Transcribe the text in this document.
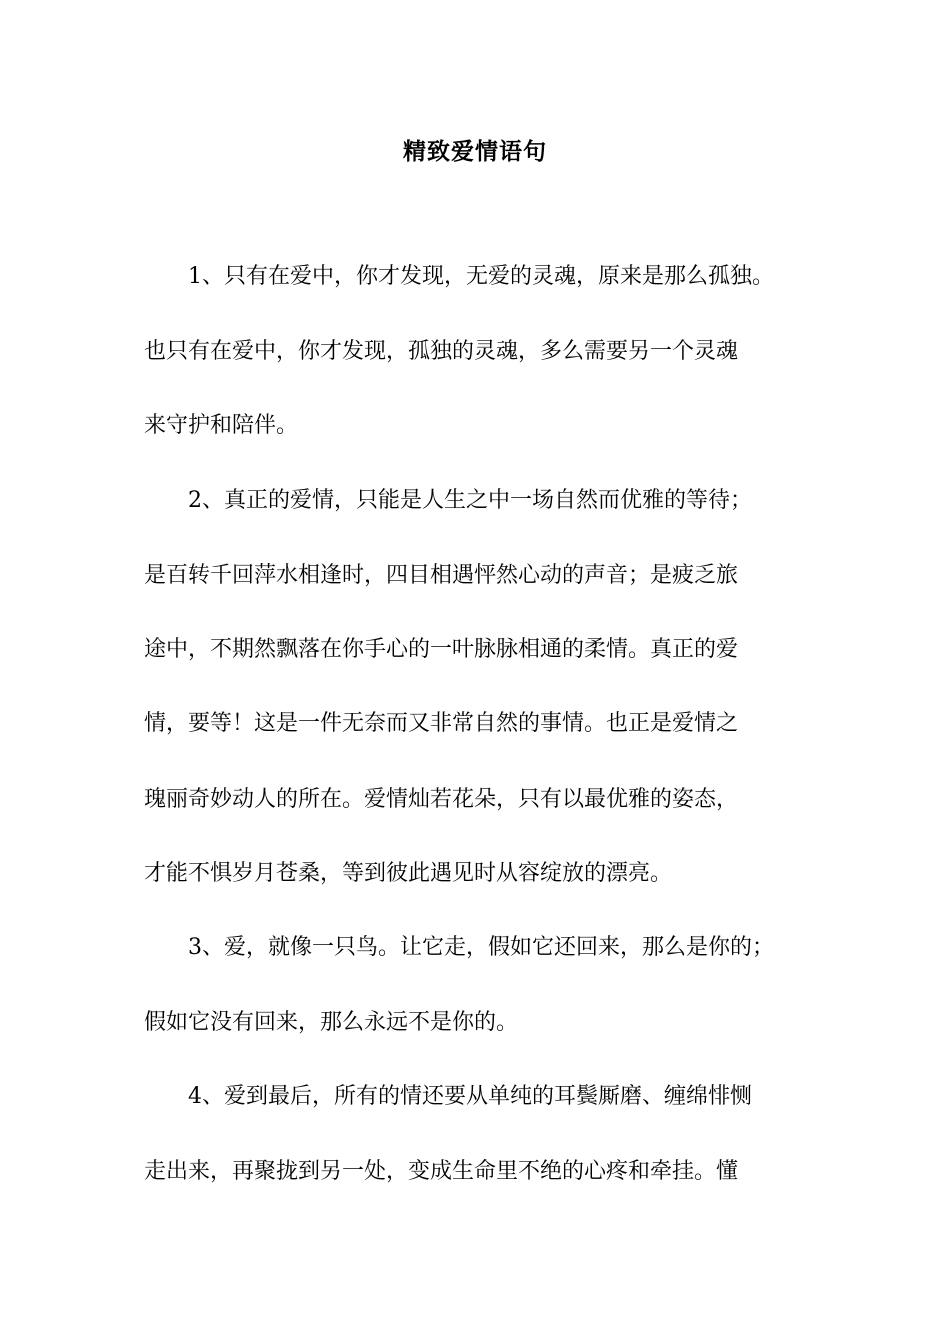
精致爱情语句
1、只有在爱中，你才发现，无爱的灵魂，原来是那么孤独。
也只有在爱中，你才发现，孤独的灵魂，多么需要另一个灵魂
来守护和陪伴。
2、真正的爱情，只能是人生之中一场自然而优雅的等待；
是百转千回萍水相逢时，四目相遇怦然心动的声音；是疲乏旅
途中，不期然飘落在你手心的一叶脉脉相通的柔情。真正的爱
情，要等！这是一件无奈而又非常自然的事情。也正是爱情之
瑰丽奇妙动人的所在。爱情灿若花朵，只有以最优雅的姿态，
才能不惧岁月苍桑，等到彼此遇见时从容绽放的漂亮。
3、爱，就像一只鸟。让它走，假如它还回来，那么是你的；
假如它没有回来，那么永远不是你的。
4、爱到最后，所有的情还要从单纯的耳鬓厮磨、缠绵悱恻
走出来，再聚拢到另一处，变成生命里不绝的心疼和牵挂。懂
